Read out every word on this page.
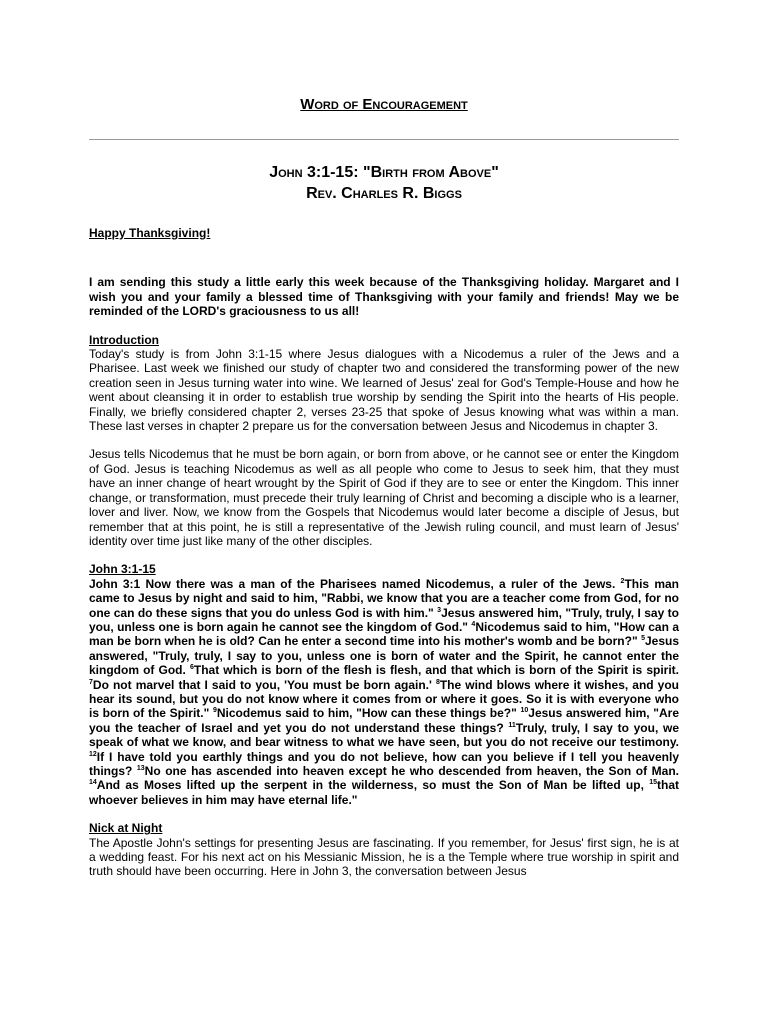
Word of Encouragement

John 3:1-15: "Birth from Above"
Rev. Charles R. Biggs

Happy Thanksgiving!

I am sending this study a little early this week because of the Thanksgiving holiday. Margaret and I wish you and your family a blessed time of Thanksgiving with your family and friends! May we be reminded of the LORD's graciousness to us all!

Introduction

Today's study is from John 3:1-15 where Jesus dialogues with a Nicodemus a ruler of the Jews and a Pharisee. Last week we finished our study of chapter two and considered the transforming power of the new creation seen in Jesus turning water into wine. We learned of Jesus' zeal for God's Temple-House and how he went about cleansing it in order to establish true worship by sending the Spirit into the hearts of His people. Finally, we briefly considered chapter 2, verses 23-25 that spoke of Jesus knowing what was within a man. These last verses in chapter 2 prepare us for the conversation between Jesus and Nicodemus in chapter 3.

Jesus tells Nicodemus that he must be born again, or born from above, or he cannot see or enter the Kingdom of God. Jesus is teaching Nicodemus as well as all people who come to Jesus to seek him, that they must have an inner change of heart wrought by the Spirit of God if they are to see or enter the Kingdom. This inner change, or transformation, must precede their truly learning of Christ and becoming a disciple who is a learner, lover and liver. Now, we know from the Gospels that Nicodemus would later become a disciple of Jesus, but remember that at this point, he is still a representative of the Jewish ruling council, and must learn of Jesus' identity over time just like many of the other disciples.

John 3:1-15

John 3:1 Now there was a man of the Pharisees named Nicodemus, a ruler of the Jews. $^2$This man came to Jesus by night and said to him, "Rabbi, we know that you are a teacher come from God, for no one can do these signs that you do unless God is with him." $^3$Jesus answered him, "Truly, truly, I say to you, unless one is born again he cannot see the kingdom of God." $^4$Nicodemus said to him, "How can a man be born when he is old? Can he enter a second time into his mother's womb and be born?" $^5$Jesus answered, "Truly, truly, I say to you, unless one is born of water and the Spirit, he cannot enter the kingdom of God. $^6$That which is born of the flesh is flesh, and that which is born of the Spirit is spirit. $^7$Do not marvel that I said to you, 'You must be born again.' $^8$The wind blows where it wishes, and you hear its sound, but you do not know where it comes from or where it goes. So it is with everyone who is born of the Spirit." $^9$Nicodemus said to him, "How can these things be?" $^{10}$Jesus answered him, "Are you the teacher of Israel and yet you do not understand these things? $^{11}$Truly, truly, I say to you, we speak of what we know, and bear witness to what we have seen, but you do not receive our testimony. $^{12}$If I have told you earthly things and you do not believe, how can you believe if I tell you heavenly things? $^{13}$No one has ascended into heaven except he who descended from heaven, the Son of Man. $^{14}$And as Moses lifted up the serpent in the wilderness, so must the Son of Man be lifted up, $^{15}$that whoever believes in him may have eternal life."

Nick at Night

The Apostle John's settings for presenting Jesus are fascinating. If you remember, for Jesus' first sign, he is at a wedding feast. For his next act on his Messianic Mission, he is a the Temple where true worship in spirit and truth should have been occurring. Here in John 3, the conversation between Jesus
